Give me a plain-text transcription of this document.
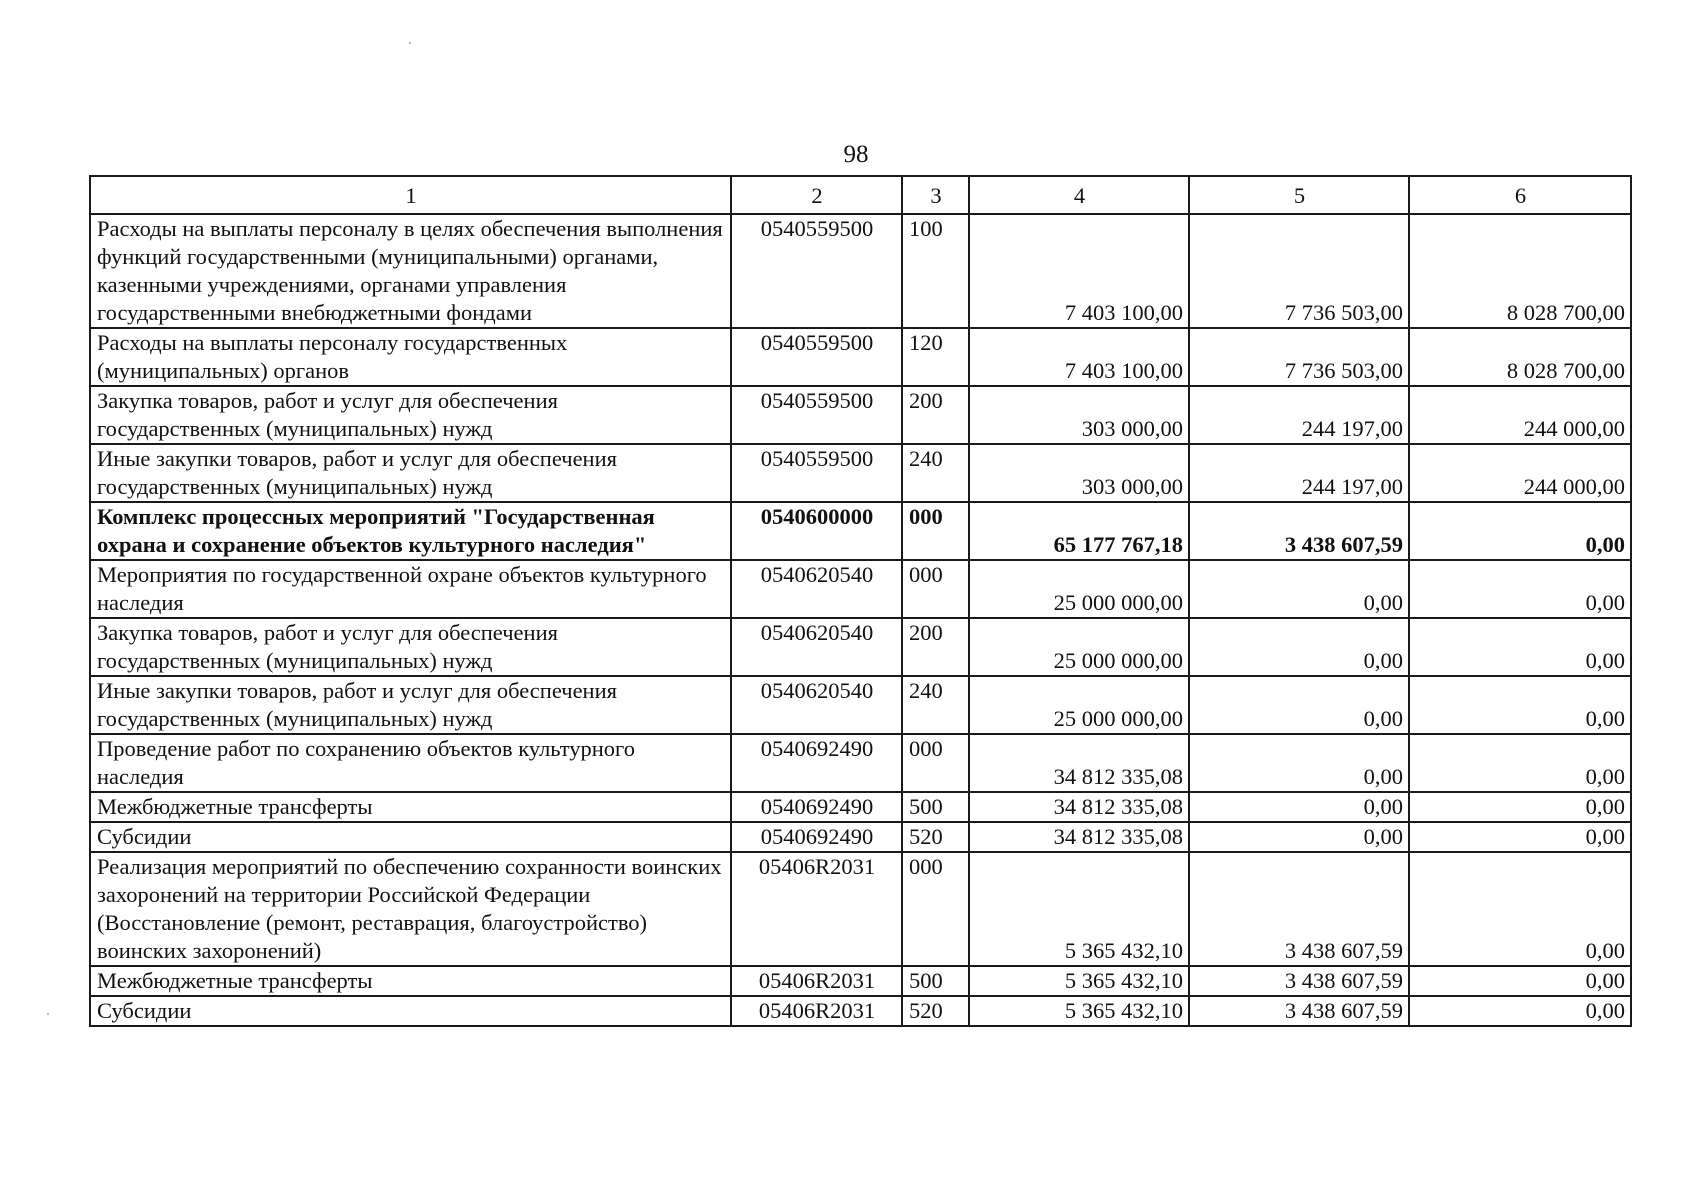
98
1	2	3	4	5	6
Расходы на выплаты персоналу в целях обеспечения выполнения функций государственными (муниципальными) органами, казенными учреждениями, органами управления государственными внебюджетными фондами	0540559500	100	7 403 100,00	7 736 503,00	8 028 700,00
Расходы на выплаты персоналу государственных (муниципальных) органов	0540559500	120	7 403 100,00	7 736 503,00	8 028 700,00
Закупка товаров, работ и услуг для обеспечения государственных (муниципальных) нужд	0540559500	200	303 000,00	244 197,00	244 000,00
Иные закупки товаров, работ и услуг для обеспечения государственных (муниципальных) нужд	0540559500	240	303 000,00	244 197,00	244 000,00
Комплекс процессных мероприятий "Государственная охрана и сохранение объектов культурного наследия"	0540600000	000	65 177 767,18	3 438 607,59	0,00
Мероприятия по государственной охране объектов культурного наследия	0540620540	000	25 000 000,00	0,00	0,00
Закупка товаров, работ и услуг для обеспечения государственных (муниципальных) нужд	0540620540	200	25 000 000,00	0,00	0,00
Иные закупки товаров, работ и услуг для обеспечения государственных (муниципальных) нужд	0540620540	240	25 000 000,00	0,00	0,00
Проведение работ по сохранению объектов культурного наследия	0540692490	000	34 812 335,08	0,00	0,00
Межбюджетные трансферты	0540692490	500	34 812 335,08	0,00	0,00
Субсидии	0540692490	520	34 812 335,08	0,00	0,00
Реализация мероприятий по обеспечению сохранности воинских захоронений на территории Российской Федерации (Восстановление (ремонт, реставрация, благоустройство) воинских захоронений)	05406R2031	000	5 365 432,10	3 438 607,59	0,00
Межбюджетные трансферты	05406R2031	500	5 365 432,10	3 438 607,59	0,00
Субсидии	05406R2031	520	5 365 432,10	3 438 607,59	0,00
